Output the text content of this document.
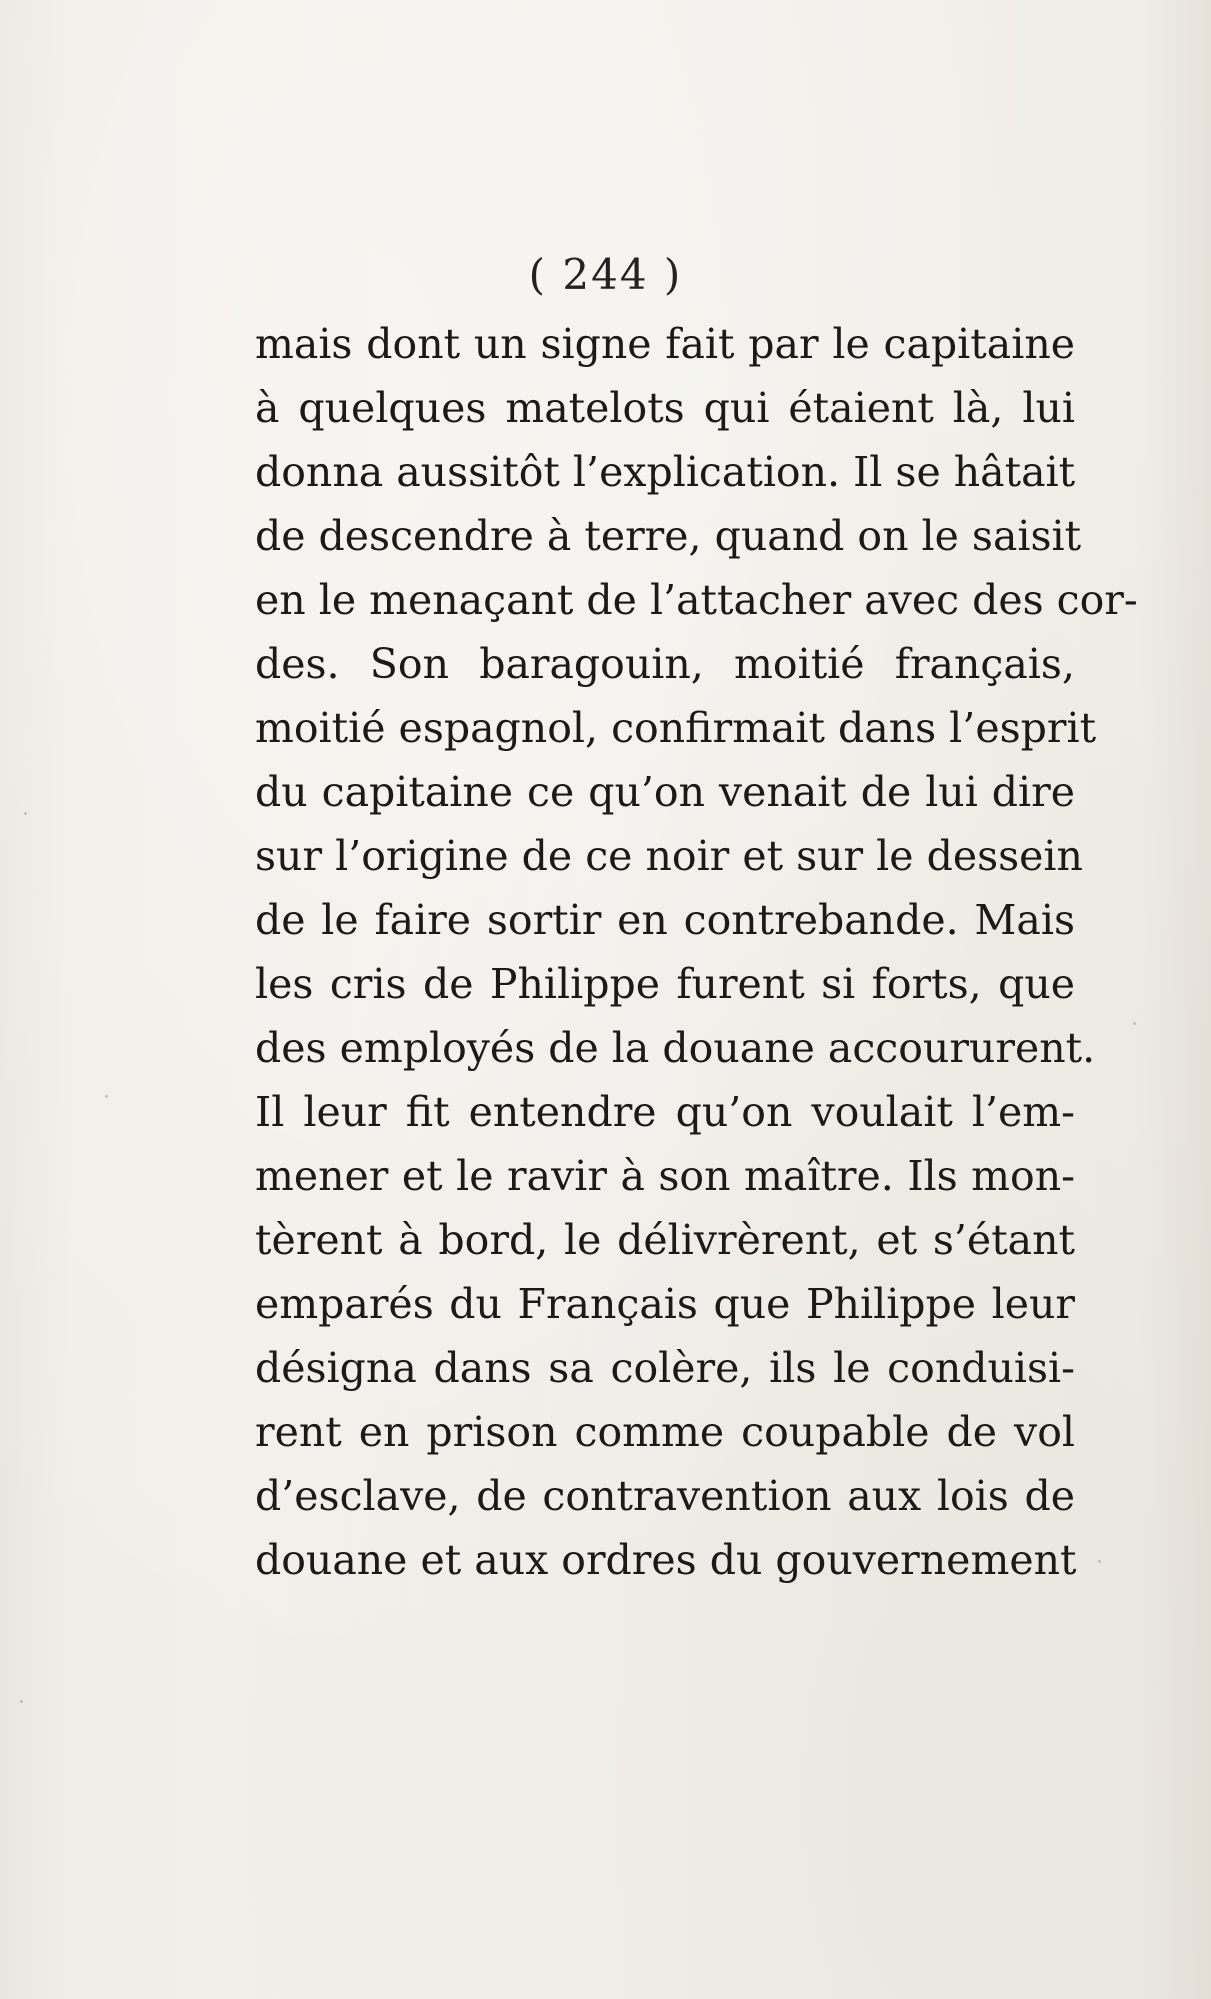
( 244 )
mais dont un signe fait par le capitaine
à quelques matelots qui étaient là, lui
donna aussitôt l’explication. Il se hâtait
de descendre à terre, quand on le saisit
en le menaçant de l’attacher avec des cor-
des. Son baragouin, moitié français,
moitié espagnol, confirmait dans l’esprit
du capitaine ce qu’on venait de lui dire
sur l’origine de ce noir et sur le dessein
de le faire sortir en contrebande. Mais
les cris de Philippe furent si forts, que
des employés de la douane accoururent.
Il leur fit entendre qu’on voulait l’em-
mener et le ravir à son maître. Ils mon-
tèrent à bord, le délivrèrent, et s’étant
emparés du Français que Philippe leur
désigna dans sa colère, ils le conduisi-
rent en prison comme coupable de vol
d’esclave, de contravention aux lois de
douane et aux ordres du gouvernement
